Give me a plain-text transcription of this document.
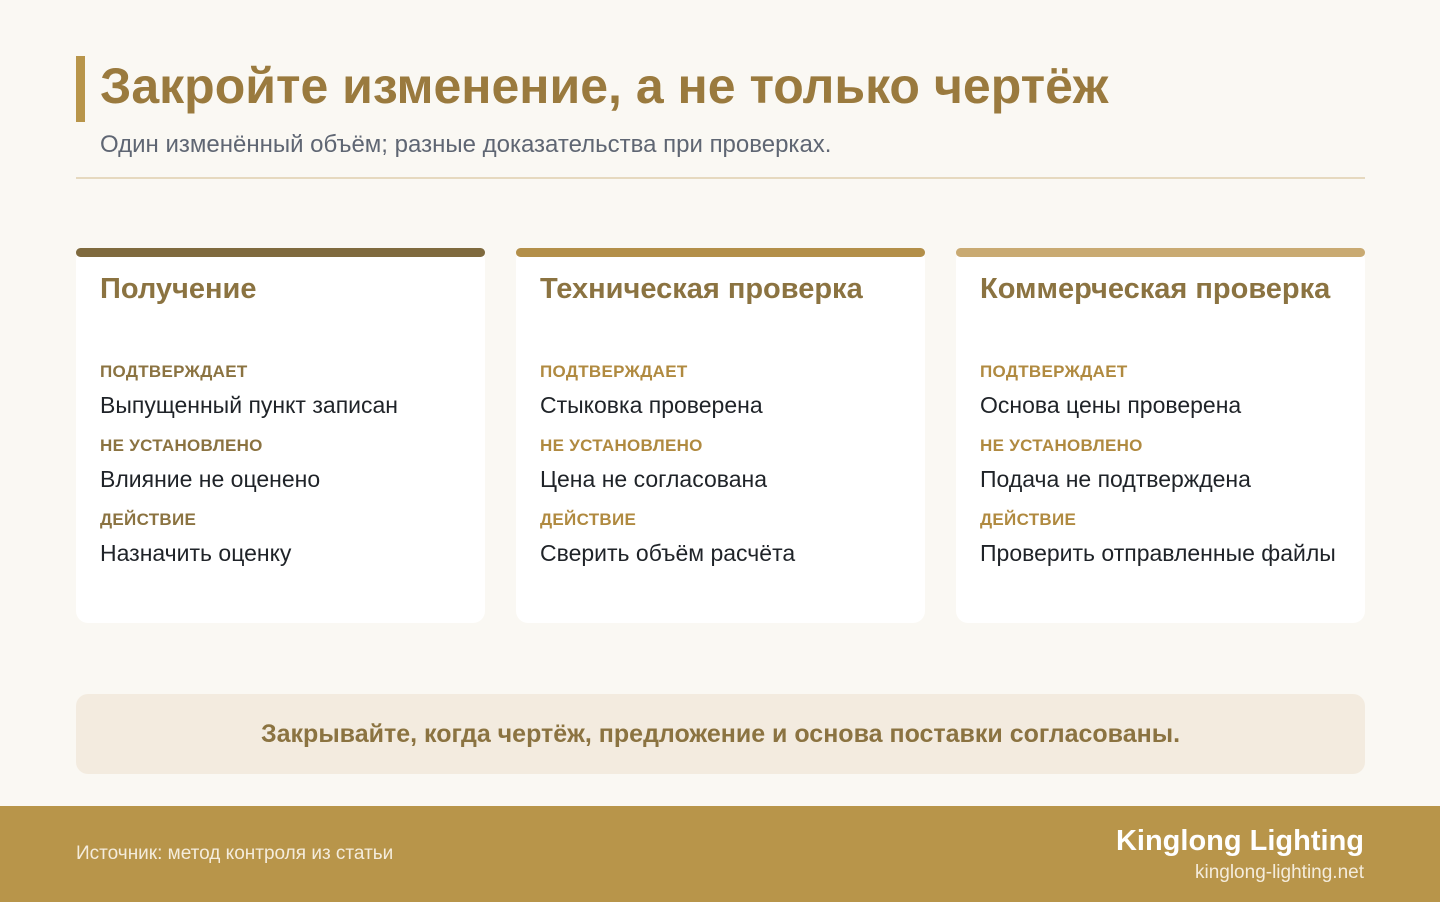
Закройте изменение, а не только чертёж
Один изменённый объём; разные доказательства при проверках.
Получение
ПОДТВЕРЖДАЕТ
Выпущенный пункт записан
НЕ УСТАНОВЛЕНО
Влияние не оценено
ДЕЙСТВИЕ
Назначить оценку
Техническая проверка
ПОДТВЕРЖДАЕТ
Стыковка проверена
НЕ УСТАНОВЛЕНО
Цена не согласована
ДЕЙСТВИЕ
Сверить объём расчёта
Коммерческая проверка
ПОДТВЕРЖДАЕТ
Основа цены проверена
НЕ УСТАНОВЛЕНО
Подача не подтверждена
ДЕЙСТВИЕ
Проверить отправленные файлы
Закрывайте, когда чертёж, предложение и основа поставки согласованы.
Источник: метод контроля из статьи	Kinglong Lighting
kinglong-lighting.net
